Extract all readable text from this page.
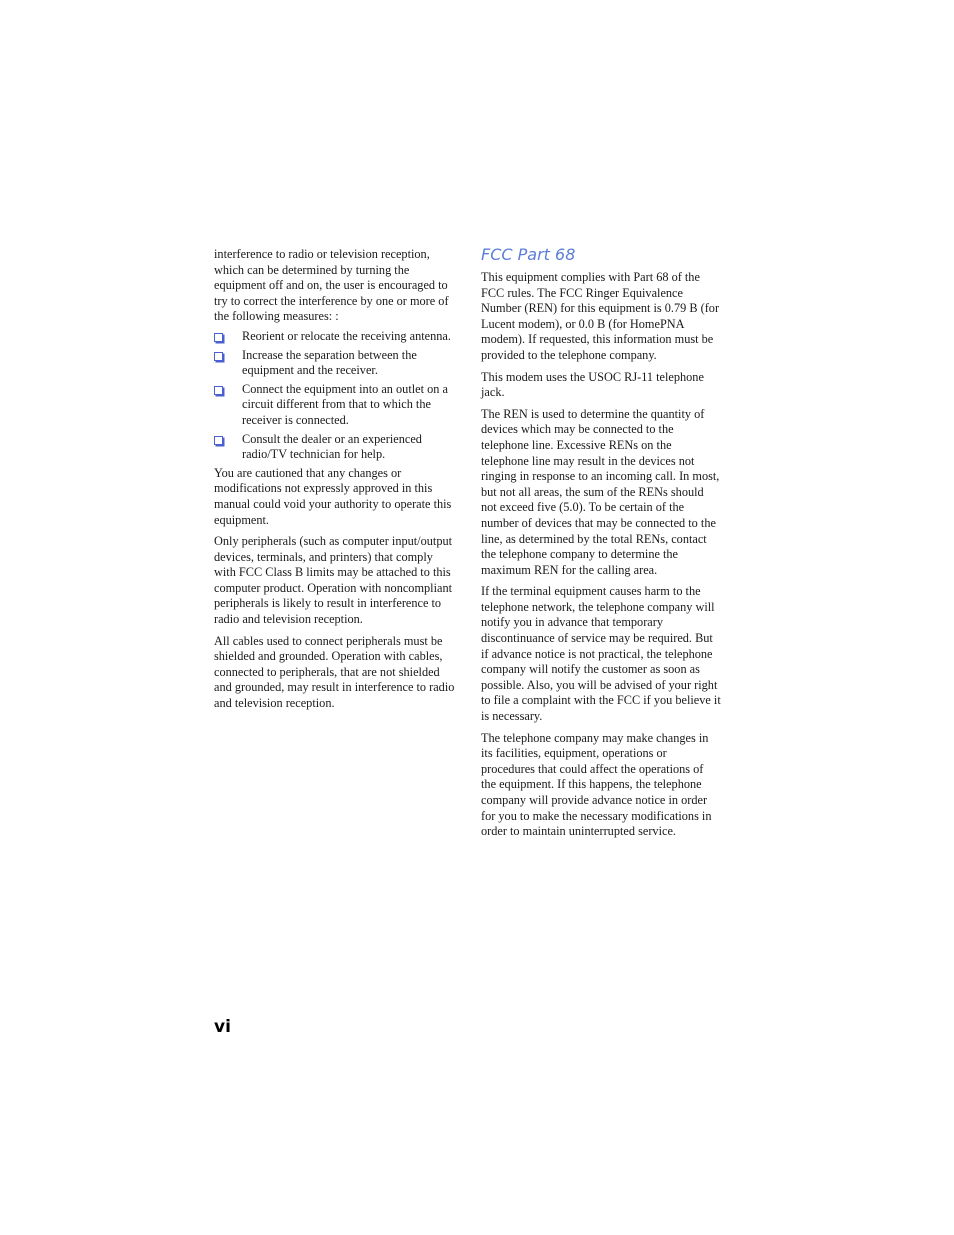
interference to radio or television reception, which can be determined by turning the equipment off and on, the user is encouraged to try to correct the interference by one or more of the following measures: :

Reorient or relocate the receiving antenna.
Increase the separation between the equipment and the receiver.
Connect the equipment into an outlet on a circuit different from that to which the receiver is connected.
Consult the dealer or an experienced radio/TV technician for help.

You are cautioned that any changes or modifications not expressly approved in this manual could void your authority to operate this equipment.

Only peripherals (such as computer input/output devices, terminals, and printers) that comply with FCC Class B limits may be attached to this computer product. Operation with noncompliant peripherals is likely to result in interference to radio and television reception.

All cables used to connect peripherals must be shielded and grounded. Operation with cables, connected to peripherals, that are not shielded and grounded, may result in interference to radio and television reception.

FCC Part 68

This equipment complies with Part 68 of the FCC rules. The FCC Ringer Equivalence Number (REN) for this equipment is 0.79 B (for Lucent modem), or 0.0 B (for HomePNA modem). If requested, this information must be provided to the telephone company.

This modem uses the USOC RJ-11 telephone jack.

The REN is used to determine the quantity of devices which may be connected to the telephone line. Excessive RENs on the telephone line may result in the devices not ringing in response to an incoming call. In most, but not all areas, the sum of the RENs should not exceed five (5.0). To be certain of the number of devices that may be connected to the line, as determined by the total RENs, contact the telephone company to determine the maximum REN for the calling area.

If the terminal equipment causes harm to the telephone network, the telephone company will notify you in advance that temporary discontinuance of service may be required. But if advance notice is not practical, the telephone company will notify the customer as soon as possible. Also, you will be advised of your right to file a complaint with the FCC if you believe it is necessary.

The telephone company may make changes in its facilities, equipment, operations or procedures that could affect the operations of the equipment. If this happens, the telephone company will provide advance notice in order for you to make the necessary modifications in order to maintain uninterrupted service.

vi
